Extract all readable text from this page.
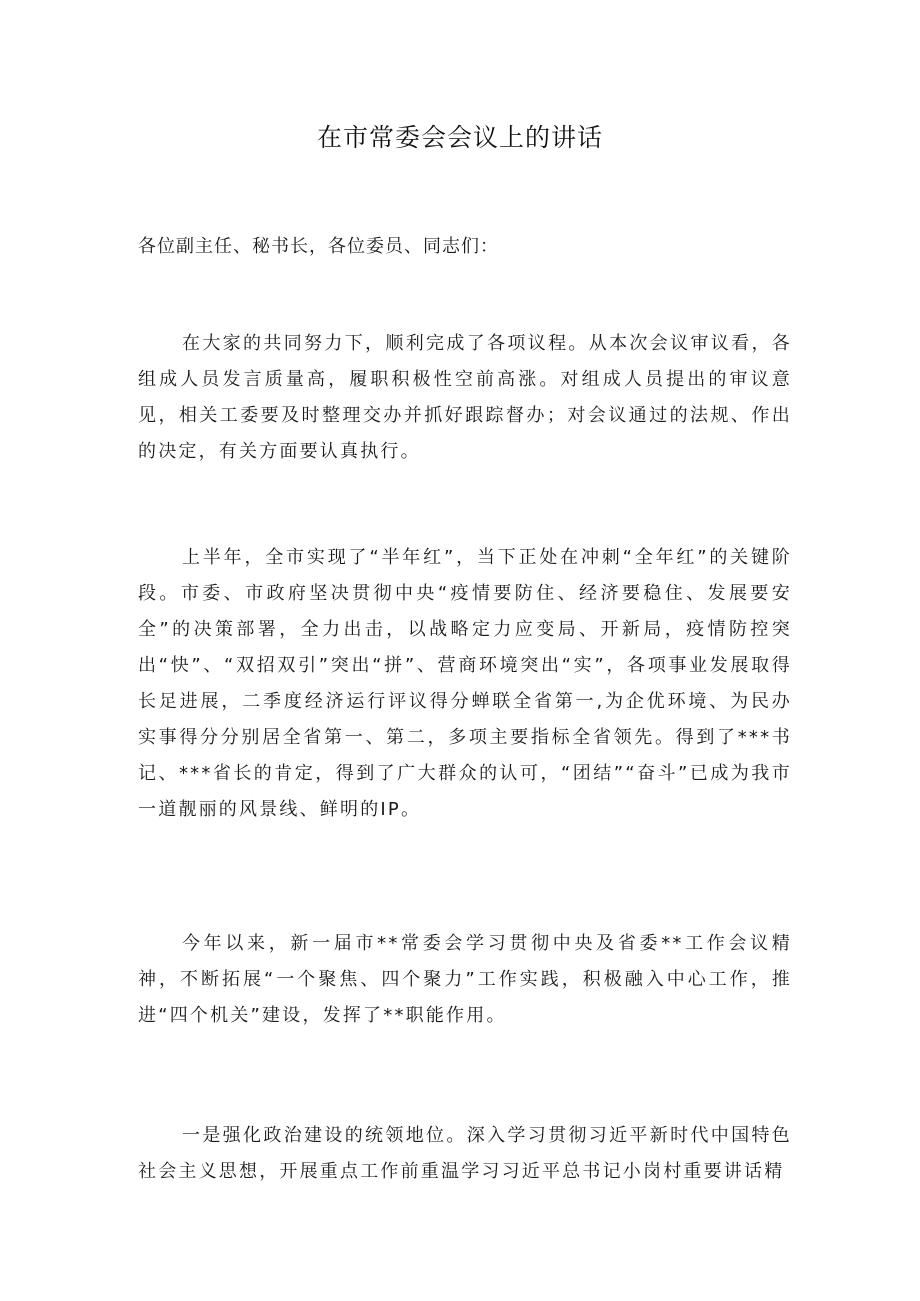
在市常委会会议上的讲话
各位副主任、秘书长，各位委员、同志们：

在大家的共同努力下，顺利完成了各项议程。从本次会议审议看，各组成人员发言质量高，履职积极性空前高涨。对组成人员提出的审议意见，相关工委要及时整理交办并抓好跟踪督办；对会议通过的法规、作出的决定，有关方面要认真执行。

上半年，全市实现了“半年红”，当下正处在冲刺“全年红”的关键阶段。市委、市政府坚决贯彻中央“疫情要防住、经济要稳住、发展要安全”的决策部署，全力出击，以战略定力应变局、开新局，疫情防控突出“快”、“双招双引”突出“拼”、营商环境突出“实”，各项事业发展取得长足进展，二季度经济运行评议得分蝉联全省第一,为企优环境、为民办实事得分分别居全省第一、第二，多项主要指标全省领先。得到了***书记、***省长的肯定，得到了广大群众的认可，“团结”“奋斗”已成为我市一道靓丽的风景线、鲜明的IP。

今年以来，新一届市**常委会学习贯彻中央及省委**工作会议精神，不断拓展“一个聚焦、四个聚力”工作实践，积极融入中心工作，推进“四个机关”建设，发挥了**职能作用。

一是强化政治建设的统领地位。深入学习贯彻习近平新时代中国特色社会主义思想，开展重点工作前重温学习习近平总书记小岗村重要讲话精
